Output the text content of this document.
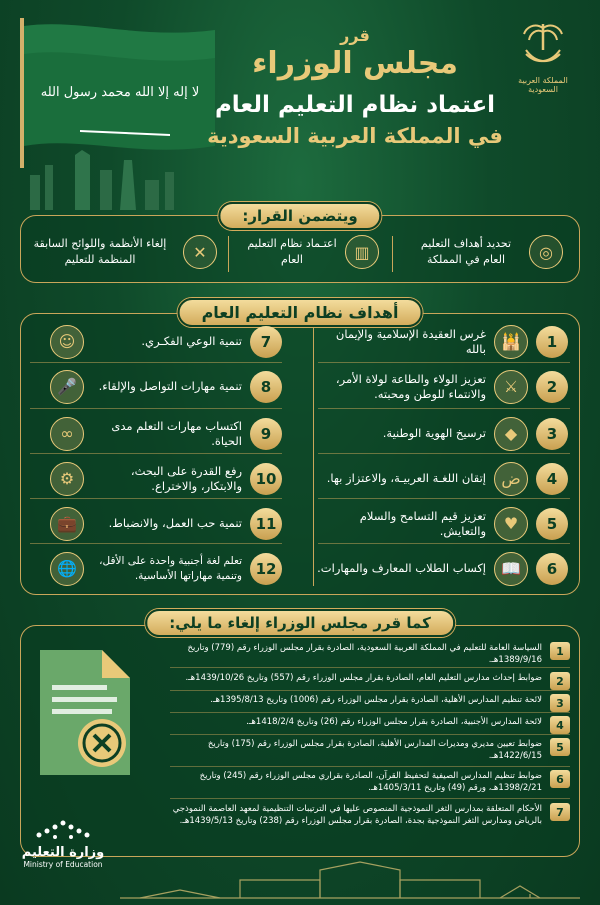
لا إله إلا الله محمد رسول الله
المملكة العربية السعودية
قرر
مجلس الوزراء
اعتماد نظام التعليم العام
في المملكة العربية السعودية
◎
تحديد أهداف التعليم العام في المملكة
▥
اعتـماد نظام التعليم العام
✕
إلغاء الأنظمة واللوائح السابقة المنظمة للتعليم
ويتضمن القرار:
أهداف نظام التعليم العام
1
🕌
غرس العقيدة الإسلامية والإيمان بالله
2
⚔
تعزيز الولاء والطاعة لولاة الأمر، والانتماء للوطن ومحبته.
3
◆
ترسيخ الهوية الوطنية.
4
ض
إتقان اللغـة العربيـة، والاعتزاز بها.
5
♥
تعزيز قيم التسامح والسلام والتعايش.
6
📖
إكساب الطلاب المعارف والمهارات.
7
تنمية الوعي الفكـري.
☺
8
تنمية مهارات التواصل والإلقاء.
🎤
9
اكتساب مهارات التعلم مدى الحياة.
∞
10
رفع القدرة على البحث، والابتكار، والاختراع.
⚙
11
تنمية حب العمل، والانضباط.
💼
12
تعلم لغة أجنبية واحدة على الأقل، وتنمية مهاراتها الأساسية.
🌐
كما قرر مجلس الوزراء إلغاء ما يلي:
1
السياسة العامة للتعليم في المملكة العربية السعودية، الصادرة بقرار مجلس الوزراء رقم (779) وتاريخ 1389/9/16هـ.
2
ضوابط إحداث مدارس التعليم العام، الصادرة بقرار مجلس الوزراء رقم (557) وتاريخ 1439/10/26هـ.
3
لائحة تنظيم المدارس الأهلية، الصادرة بقرار مجلس الوزراء رقم (1006) وتاريخ 1395/8/13هـ.
4
لائحة المدارس الأجنبية، الصادرة بقرار مجلس الوزراء رقم (26) وتاريخ 1418/2/4هـ.
5
ضوابط تعيين مديري ومديرات المدارس الأهلية، الصادرة بقرار مجلس الوزراء رقم (175) وتاريخ 1422/6/15هـ.
6
ضوابط تنظيم المدارس الصيفية لتحفيظ القرآن، الصادرة بقراري مجلس الوزراء رقم (245) وتاريخ 1398/2/21هـ، ورقم (49) وتاريخ 1405/3/11هـ.
7
الأحكام المتعلقة بمدارس الثغر النموذجية المنصوص عليها في الترتيبات التنظيمية لمعهد العاصمة النموذجي بالرياض ومدارس الثغر النموذجية بجدة، الصادرة بقرار مجلس الوزراء رقم (238) وتاريخ 1439/5/13هـ.
وزارة التعليم
Ministry of Education
